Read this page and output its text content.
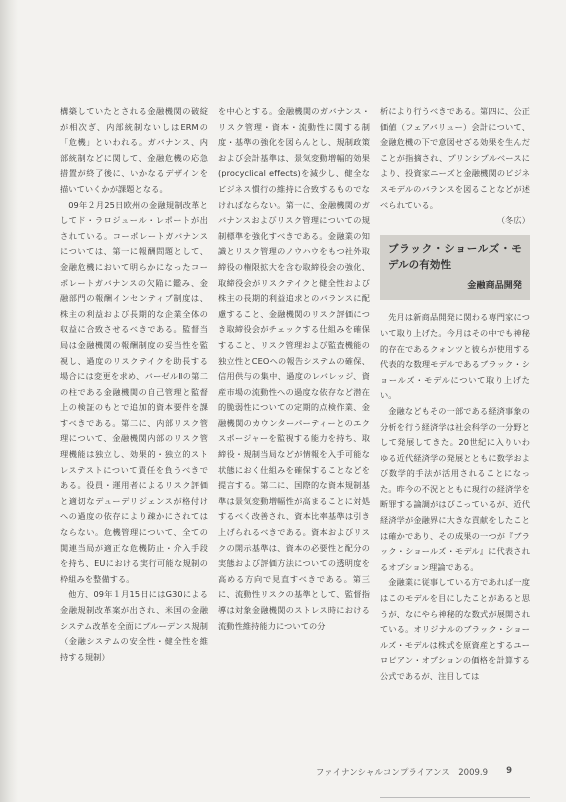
構築していたとされる金融機関の破綻が相次ぎ、内部統制ないしはERMの「危機」といわれる。ガバナンス、内部統制などに関して、金融危機の応急措置が終了後に、いかなるデザインを描いていくかが課題となる。

09年２月25日欧州の金融規制改革としてド・ラロジュール・レポートが出されている。コーポレートガバナンスについては、第一に報酬問題として、金融危機において明らかになったコーポレートガバナンスの欠陥に鑑み、金融部門の報酬インセンティブ制度は、株主の利益および長期的な企業全体の収益に合致させるべきである。監督当局は金融機関の報酬制度の妥当性を監視し、過度のリスクテイクを助長する場合には変更を求め、バーゼルⅡの第二の柱である金融機関の自己管理と監督上の検証のもとで追加的資本要件を課すべきである。第二に、内部リスク管理について、金融機関内部のリスク管理機能は独立し、効果的・独立的ストレステストについて責任を負うべきである。役員・運用者によるリスク評価と適切なデューデリジェンスが格付けへの過度の依存により疎かにされてはならない。危機管理について、全ての関連当局が適正な危機防止・介入手段を持ち、EUにおける実行可能な規制の枠組みを整備する。

他方、09年１月15日にはG30による金融規制改革案が出され、米国の金融システム改革を全面にプルーデンス規制（金融システムの安全性・健全性を維持する規制）

を中心とする。金融機関のガバナンス・リスク管理・資本・流動性に関する制度・基準の強化を図らんとし、規制政策および会計基準は、景気変動増幅的効果(procyclical effects)を減少し、健全なビジネス慣行の維持に合致するものでなければならない。第一に、金融機関のガバナンスおよびリスク管理についての規制標準を強化すべきである。金融業の知識とリスク管理のノウハウをもつ社外取締役の権限拡大を含む取締役会の強化、取締役会がリスクテイクと健全性および株主の長期的利益追求とのバランスに配慮すること、金融機関のリスク評価につき取締役会がチェックする仕組みを確保すること、リスク管理および監査機能の独立性とCEOへの報告システムの確保、信用供与の集中、過度のレバレッジ、資産市場の流動性への過度な依存など潜在的脆弱性についての定期的点検作業、金融機関のカウンターパーティーとのエクスポージャーを監視する能力を持ち、取締役・規制当局などが情報を入手可能な状態におく仕組みを確保することなどを提言する。第二に、国際的な資本規制基準は景気変動増幅性が高まることに対処するべく改善され、資本比率基準は引き上げられるべきである。資本およびリスクの開示基準は、資本の必要性と配分の実態および評価方法についての透明度を高める方向で見直すべきである。第三に、流動性リスクの基準として、監督指導は対象金融機関のストレス時における流動性維持能力についての分

析により行うべきである。第四に、公正価値（フェアバリュー）会計について、金融危機の下で意図せざる効果を生んだことが指摘され、プリンシプルベースにより、投資家ニーズと金融機関のビジネスモデルのバランスを図ることなどが述べられている。

（冬広）

ブラック・ショールズ・モデルの有効性
金融商品開発

先月は新商品開発に関わる専門家について取り上げた。今月はその中でも神秘的存在であるクォンツと彼らが使用する代表的な数理モデルであるブラック・ショールズ・モデルについて取り上げたい。

金融などもその一部である経済事象の分析を行う経済学は社会科学の一分野として発展してきた。20世紀に入りいわゆる近代経済学の発展とともに数学および数学的手法が活用されることになった。昨今の不況とともに現行の経済学を断罪する論調がはびこっているが、近代経済学が金融界に大きな貢献をしたことは確かであり、その成果の一つが『ブラック・ショールズ・モデル』に代表されるオプション理論である。

金融業に従事している方であれば一度はこのモデルを目にしたことがあると思うが、なにやら神秘的な数式が展開されている。オリジナルのブラック・ショールズ・モデルは株式を原資産とするユーロピアン・オプションの価格を計算する公式であるが、注目しては

ファイナンシャルコンプライアンス　2009.9 9
